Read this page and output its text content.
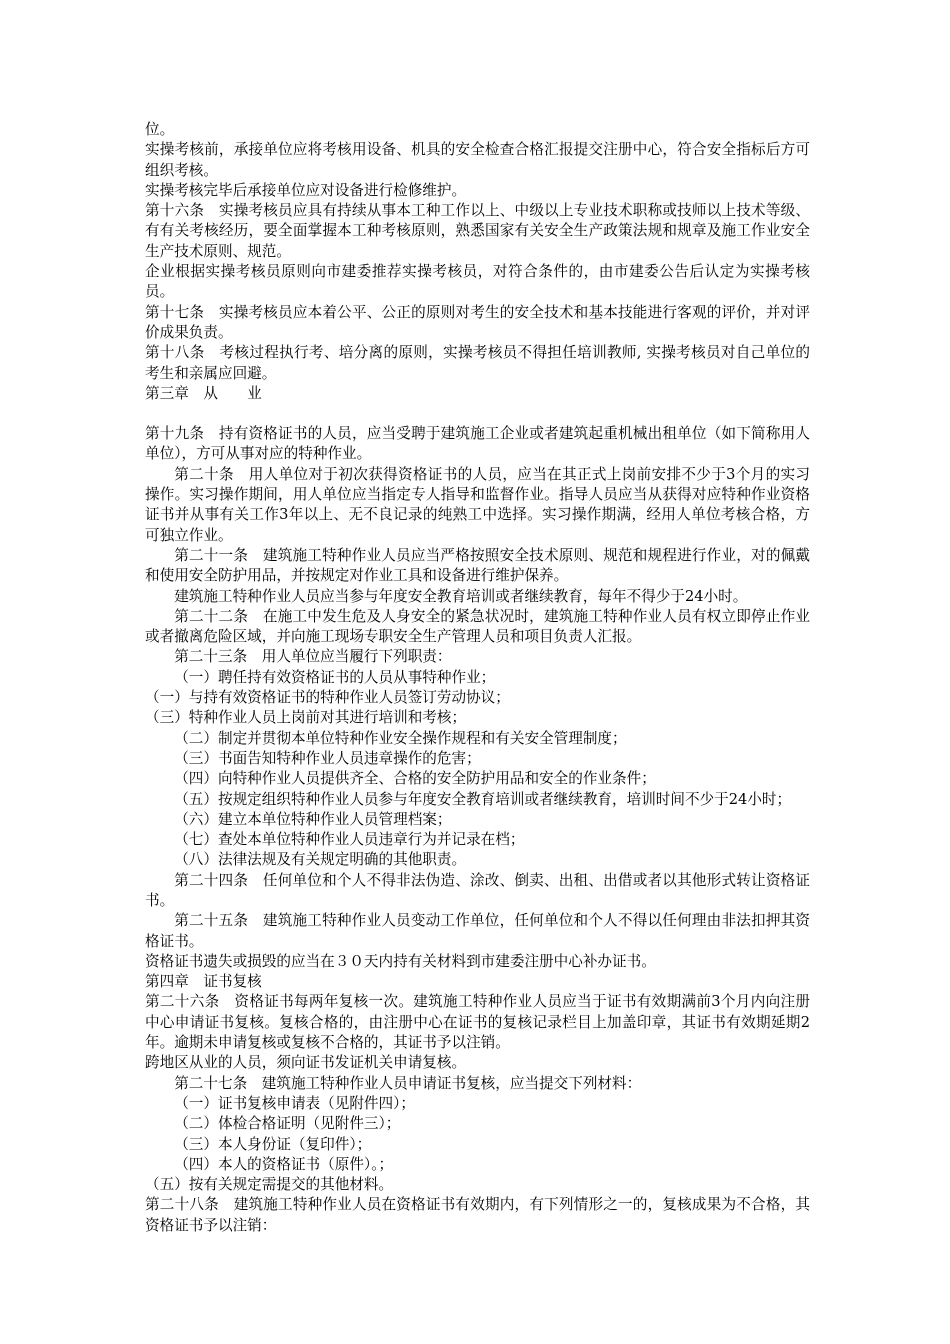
位。

实操考核前，承接单位应将考核用设备、机具的安全检查合格汇报提交注册中心，符合安全指标后方可组织考核。

实操考核完毕后承接单位应对设备进行检修维护。

第十六条　实操考核员应具有持续从事本工种工作以上、中级以上专业技术职称或技师以上技术等级、有有关考核经历，要全面掌握本工种考核原则，熟悉国家有关安全生产政策法规和规章及施工作业安全生产技术原则、规范。

企业根据实操考核员原则向市建委推荐实操考核员，对符合条件的，由市建委公告后认定为实操考核员。

第十七条　实操考核员应本着公平、公正的原则对考生的安全技术和基本技能进行客观的评价，并对评价成果负责。

第十八条　考核过程执行考、培分离的原则，实操考核员不得担任培训教师, 实操考核员对自己单位的考生和亲属应回避。

第三章　从　　业

第十九条　持有资格证书的人员，应当受聘于建筑施工企业或者建筑起重机械出租单位（如下简称用人单位），方可从事对应的特种作业。

第二十条　用人单位对于初次获得资格证书的人员，应当在其正式上岗前安排不少于3个月的实习操作。实习操作期间，用人单位应当指定专人指导和监督作业。指导人员应当从获得对应特种作业资格证书并从事有关工作3年以上、无不良记录的纯熟工中选择。实习操作期满，经用人单位考核合格，方可独立作业。

第二十一条　建筑施工特种作业人员应当严格按照安全技术原则、规范和规程进行作业，对的佩戴和使用安全防护用品，并按规定对作业工具和设备进行维护保养。

建筑施工特种作业人员应当参与年度安全教育培训或者继续教育，每年不得少于24小时。

第二十二条　在施工中发生危及人身安全的紧急状况时，建筑施工特种作业人员有权立即停止作业或者撤离危险区域，并向施工现场专职安全生产管理人员和项目负责人汇报。

第二十三条　用人单位应当履行下列职责：

（一）聘任持有效资格证书的人员从事特种作业；

（一）与持有效资格证书的特种作业人员签订劳动协议；

（三）特种作业人员上岗前对其进行培训和考核；

（二）制定并贯彻本单位特种作业安全操作规程和有关安全管理制度；

（三）书面告知特种作业人员违章操作的危害；

（四）向特种作业人员提供齐全、合格的安全防护用品和安全的作业条件；

（五）按规定组织特种作业人员参与年度安全教育培训或者继续教育，培训时间不少于24小时；

（六）建立本单位特种作业人员管理档案；

（七）查处本单位特种作业人员违章行为并记录在档；

（八）法律法规及有关规定明确的其他职责。

第二十四条　任何单位和个人不得非法伪造、涂改、倒卖、出租、出借或者以其他形式转让资格证书。

第二十五条　建筑施工特种作业人员变动工作单位，任何单位和个人不得以任何理由非法扣押其资格证书。

资格证书遗失或损毁的应当在３０天内持有关材料到市建委注册中心补办证书。

第四章　证书复核

第二十六条　资格证书每两年复核一次。建筑施工特种作业人员应当于证书有效期满前3个月内向注册中心申请证书复核。复核合格的，由注册中心在证书的复核记录栏目上加盖印章，其证书有效期延期2年。逾期未申请复核或复核不合格的，其证书予以注销。

跨地区从业的人员，须向证书发证机关申请复核。

第二十七条　建筑施工特种作业人员申请证书复核，应当提交下列材料：

（一）证书复核申请表（见附件四）；

（二）体检合格证明（见附件三）；

（三）本人身份证（复印件）；

（四）本人的资格证书（原件）。；

（五）按有关规定需提交的其他材料。

第二十八条　建筑施工特种作业人员在资格证书有效期内，有下列情形之一的，复核成果为不合格，其资格证书予以注销：
